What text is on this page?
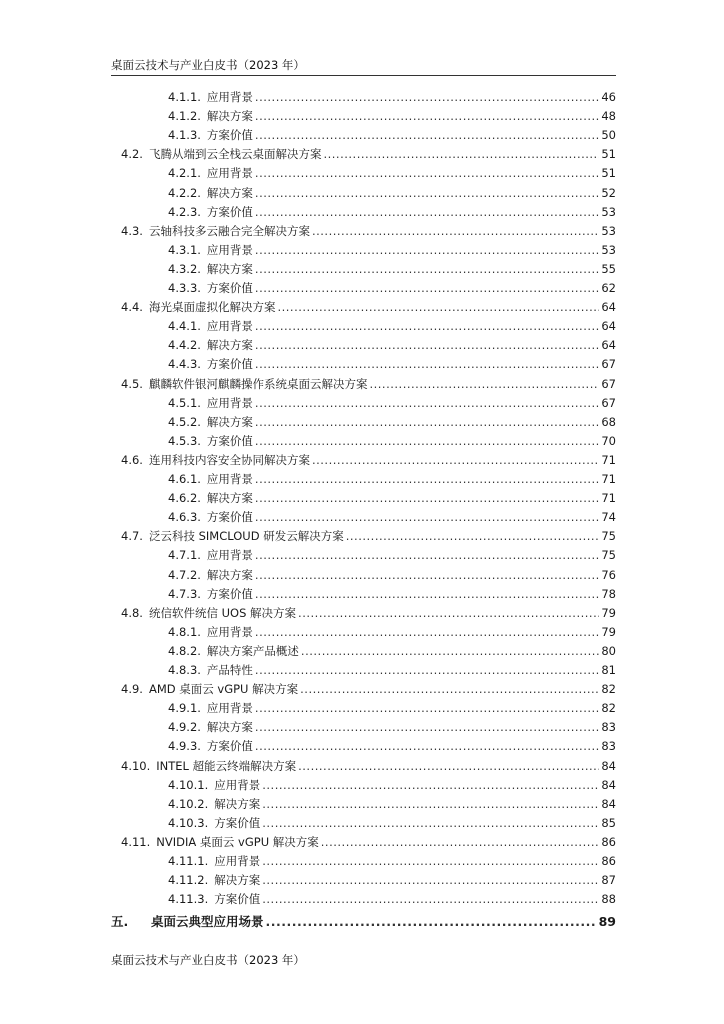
桌面云技术与产业白皮书（2023 年）
4.1.1. 应用背景 .....	46
4.1.2. 解决方案 .....	48
4.1.3. 方案价值 .....	50
4.2. 飞腾从端到云全栈云桌面解决方案 .....	51
4.2.1. 应用背景 .....	51
4.2.2. 解决方案 .....	52
4.2.3. 方案价值 .....	53
4.3. 云轴科技多云融合完全解决方案 .....	53
4.3.1. 应用背景 .....	53
4.3.2. 解决方案 .....	55
4.3.3. 方案价值 .....	62
4.4. 海光桌面虚拟化解决方案 .....	64
4.4.1. 应用背景 .....	64
4.4.2. 解决方案 .....	64
4.4.3. 方案价值 .....	67
4.5. 麒麟软件银河麒麟操作系统桌面云解决方案 .....	67
4.5.1. 应用背景 .....	67
4.5.2. 解决方案 .....	68
4.5.3. 方案价值 .....	70
4.6. 连用科技内容安全协同解决方案 .....	71
4.6.1. 应用背景 .....	71
4.6.2. 解决方案 .....	71
4.6.3. 方案价值 .....	74
4.7. 泛云科技 SIMCLOUD 研发云解决方案 .....	75
4.7.1. 应用背景 .....	75
4.7.2. 解决方案 .....	76
4.7.3. 方案价值 .....	78
4.8. 统信软件统信 UOS 解决方案 .....	79
4.8.1. 应用背景 .....	79
4.8.2. 解决方案产品概述 .....	80
4.8.3. 产品特性 .....	81
4.9. AMD 桌面云 vGPU 解决方案 .....	82
4.9.1. 应用背景 .....	82
4.9.2. 解决方案 .....	83
4.9.3. 方案价值 .....	83
4.10. INTEL 超能云终端解决方案 .....	84
4.10.1. 应用背景 .....	84
4.10.2. 解决方案 .....	84
4.10.3. 方案价值 .....	85
4.11. NVIDIA 桌面云 vGPU 解决方案 .....	86
4.11.1. 应用背景 .....	86
4.11.2. 解决方案 .....	87
4.11.3. 方案价值 .....	88
五.	桌面云典型应用场景 .....	89
桌面云技术与产业白皮书（2023 年）
